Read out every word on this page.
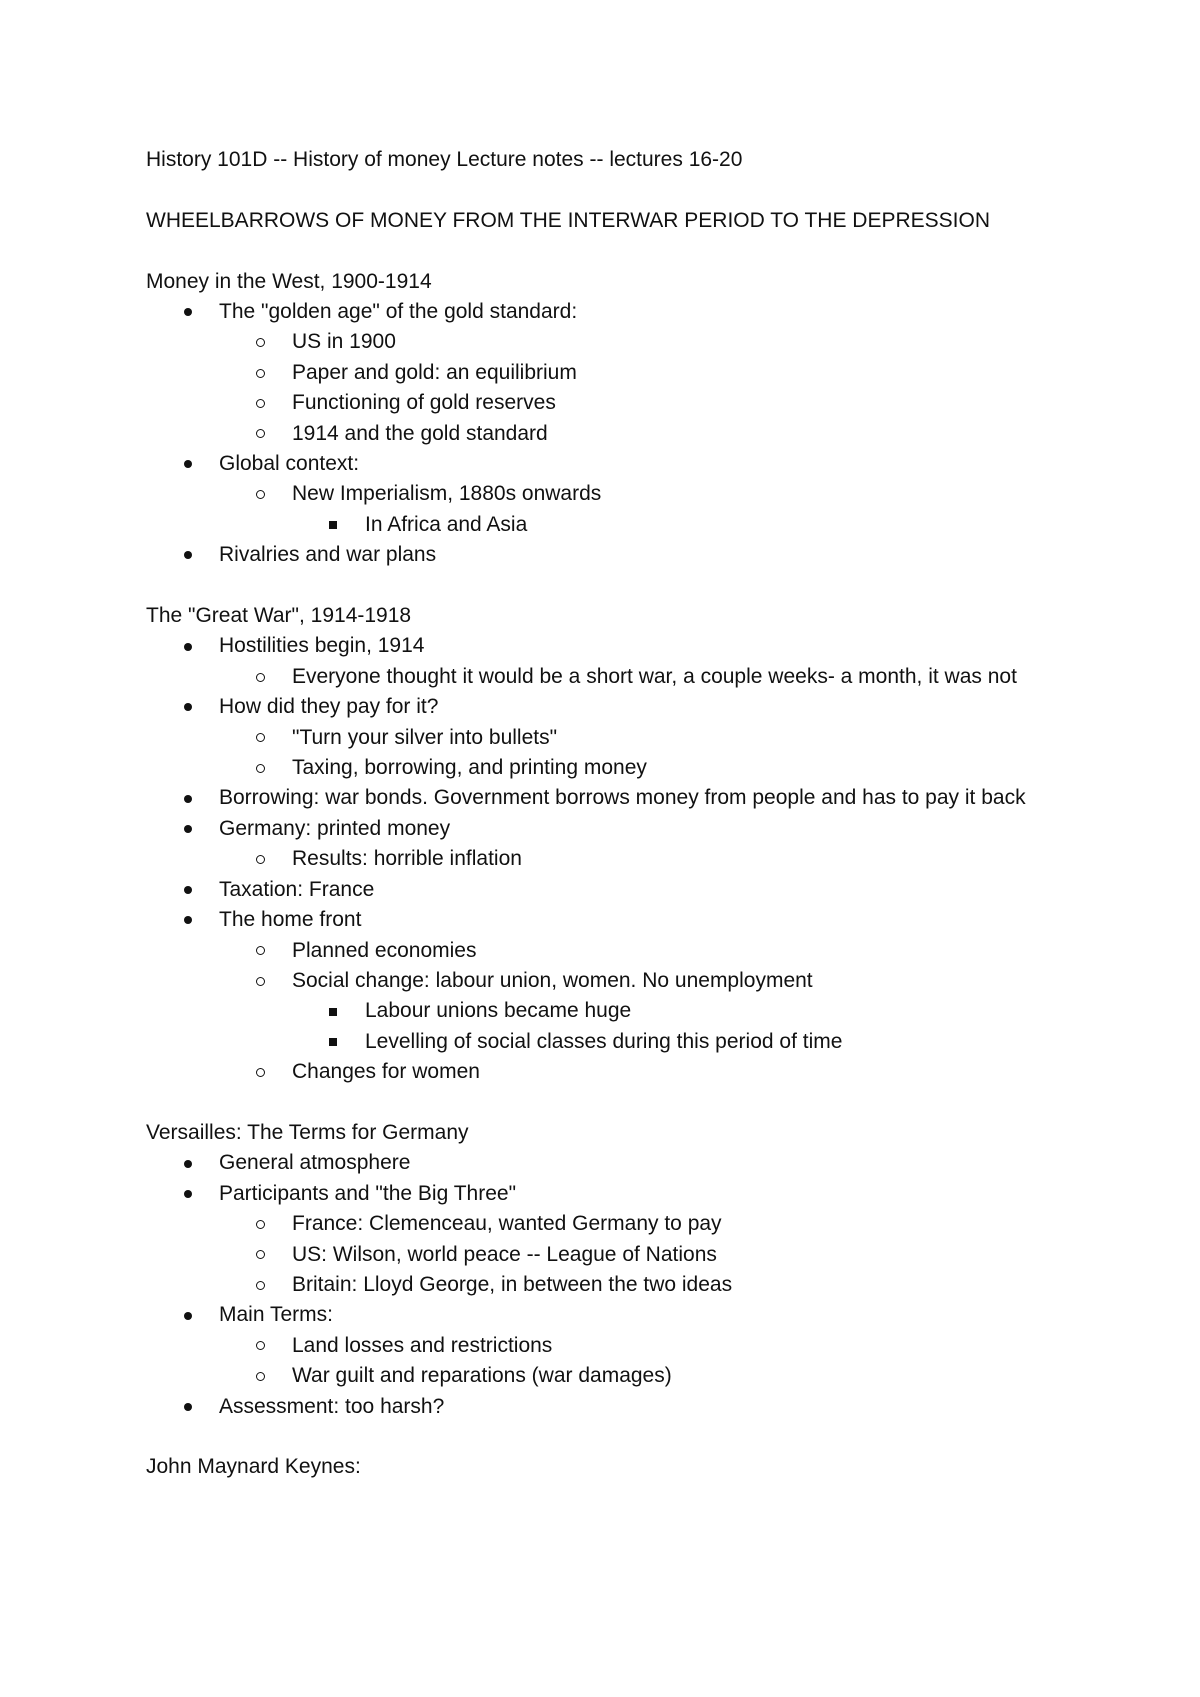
History 101D -- History of money Lecture notes -- lectures 16-20

WHEELBARROWS OF MONEY FROM THE INTERWAR PERIOD TO THE DEPRESSION

Money in the West, 1900-1914

The "golden age" of the gold standard:
US in 1900
Paper and gold: an equilibrium
Functioning of gold reserves
1914 and the gold standard
Global context:
New Imperialism, 1880s onwards
In Africa and Asia
Rivalries and war plans

The "Great War", 1914-1918

Hostilities begin, 1914
Everyone thought it would be a short war, a couple weeks- a month, it was not
How did they pay for it?
"Turn your silver into bullets"
Taxing, borrowing, and printing money
Borrowing: war bonds. Government borrows money from people and has to pay it back
Germany: printed money
Results: horrible inflation
Taxation: France
The home front
Planned economies
Social change: labour union, women. No unemployment
Labour unions became huge
Levelling of social classes during this period of time
Changes for women

Versailles: The Terms for Germany

General atmosphere
Participants and "the Big Three"
France: Clemenceau, wanted Germany to pay
US: Wilson, world peace -- League of Nations
Britain: Lloyd George, in between the two ideas
Main Terms:
Land losses and restrictions
War guilt and reparations (war damages)
Assessment: too harsh?

John Maynard Keynes:
